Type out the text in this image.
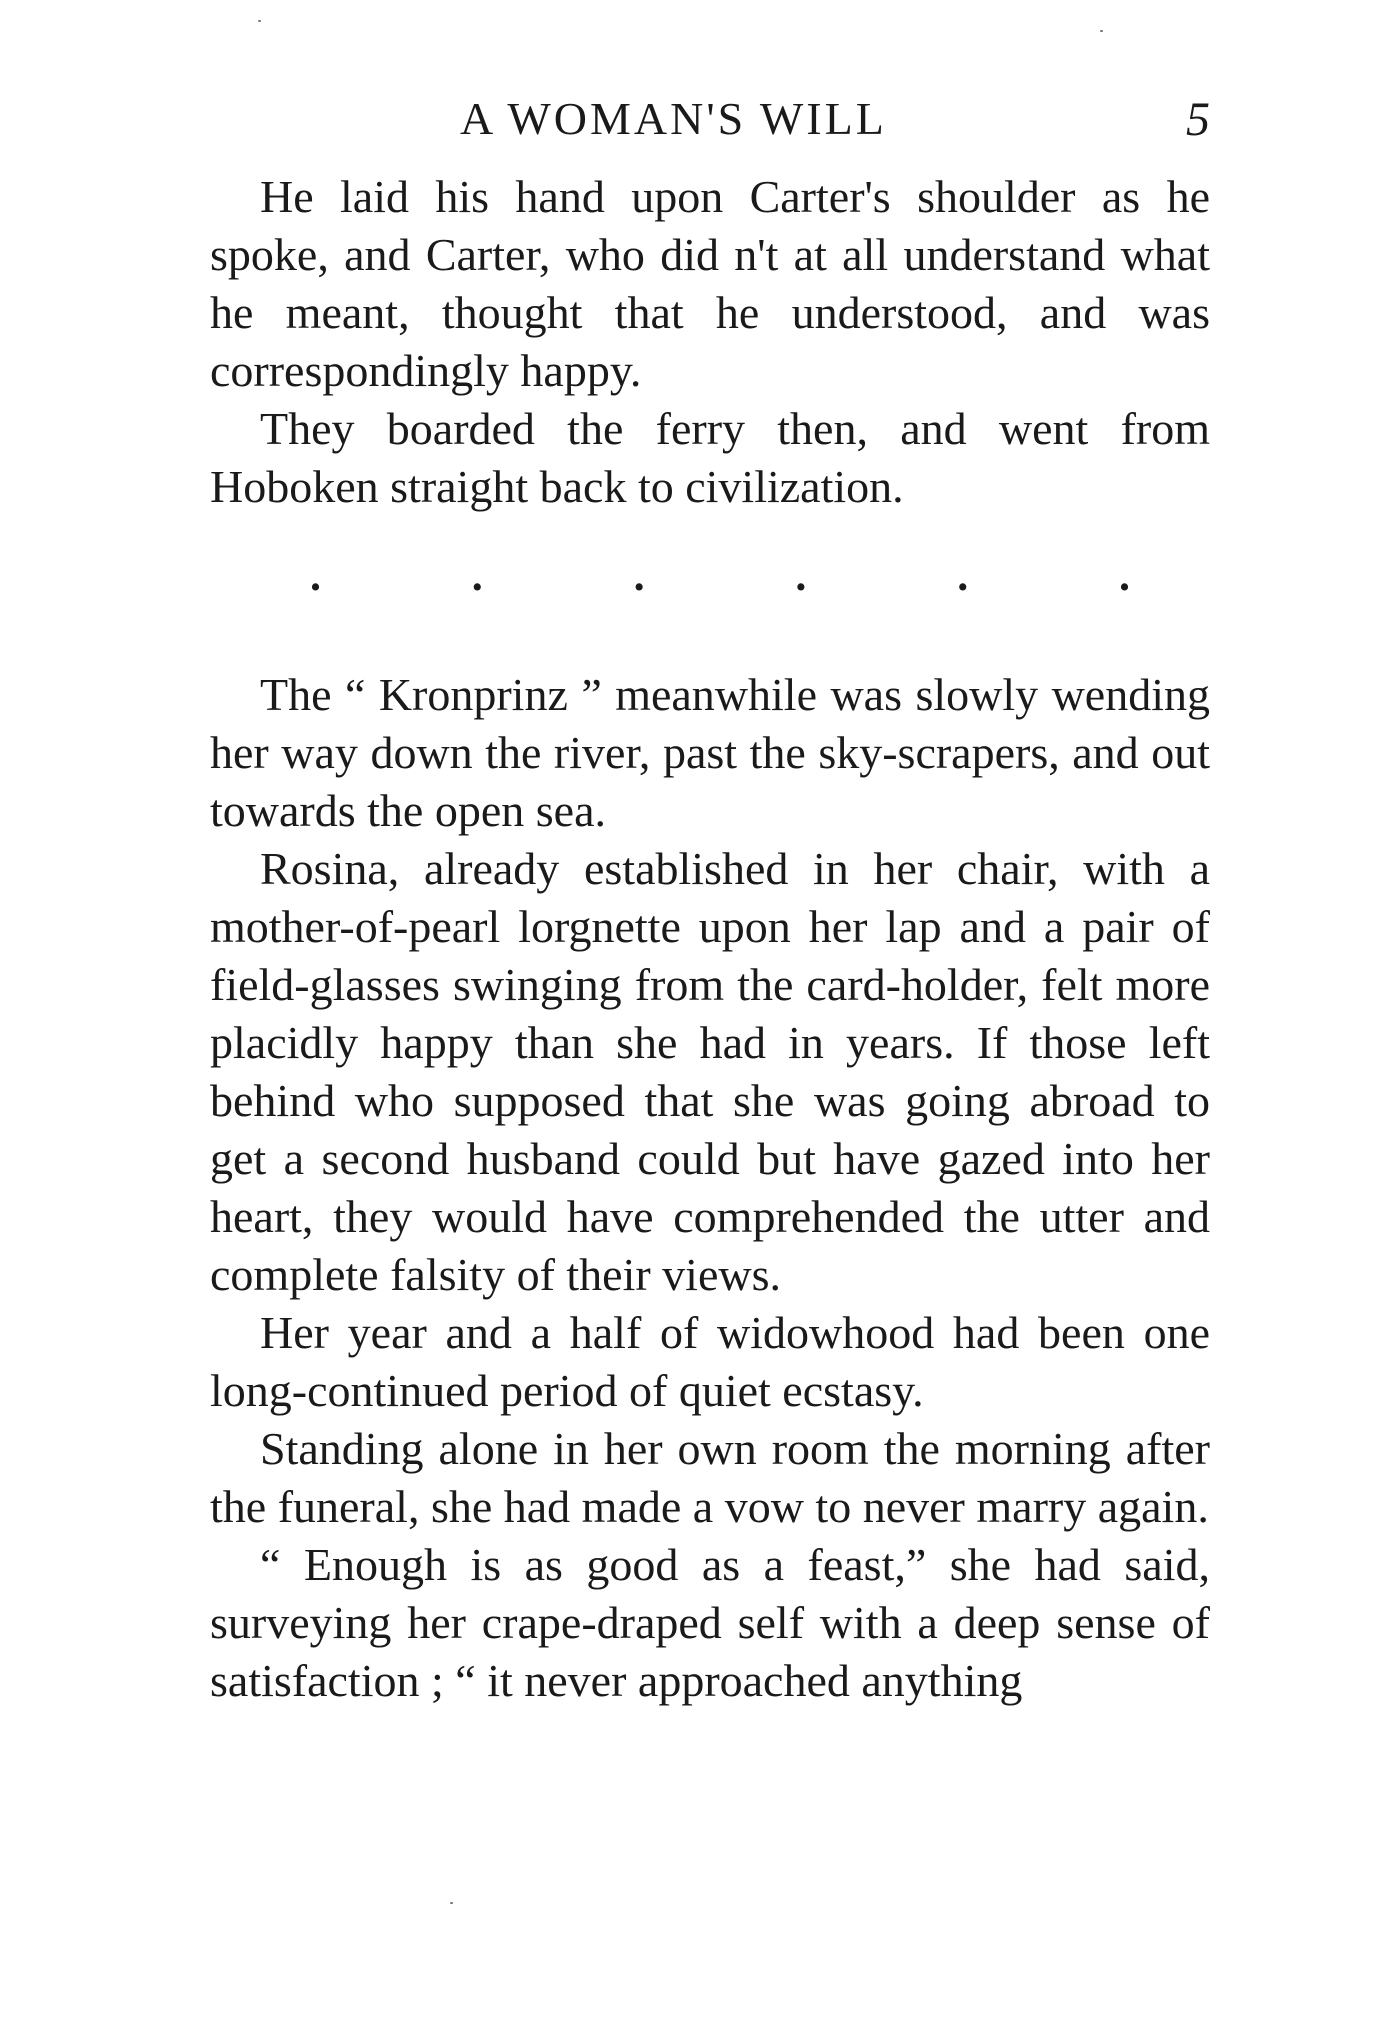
A WOMAN'S WILL	5

He laid his hand upon Carter's shoulder as he spoke, and Carter, who did n't at all understand what he meant, thought that he understood, and was correspondingly happy.

They boarded the ferry then, and went from Hoboken straight back to civilization.

.	.	.	.	.	.

The “ Kronprinz ” meanwhile was slowly wending her way down the river, past the sky-scrapers, and out towards the open sea.

Rosina, already established in her chair, with a mother-of-pearl lorgnette upon her lap and a pair of field-glasses swinging from the card-holder, felt more placidly happy than she had in years. If those left behind who supposed that she was going abroad to get a second husband could but have gazed into her heart, they would have comprehended the utter and complete falsity of their views.

Her year and a half of widowhood had been one long-continued period of quiet ecstasy.

Standing alone in her own room the morning after the funeral, she had made a vow to never marry again.

“ Enough is as good as a feast,” she had said, surveying her crape-draped self with a deep sense of satisfaction ; “ it never approached anything
